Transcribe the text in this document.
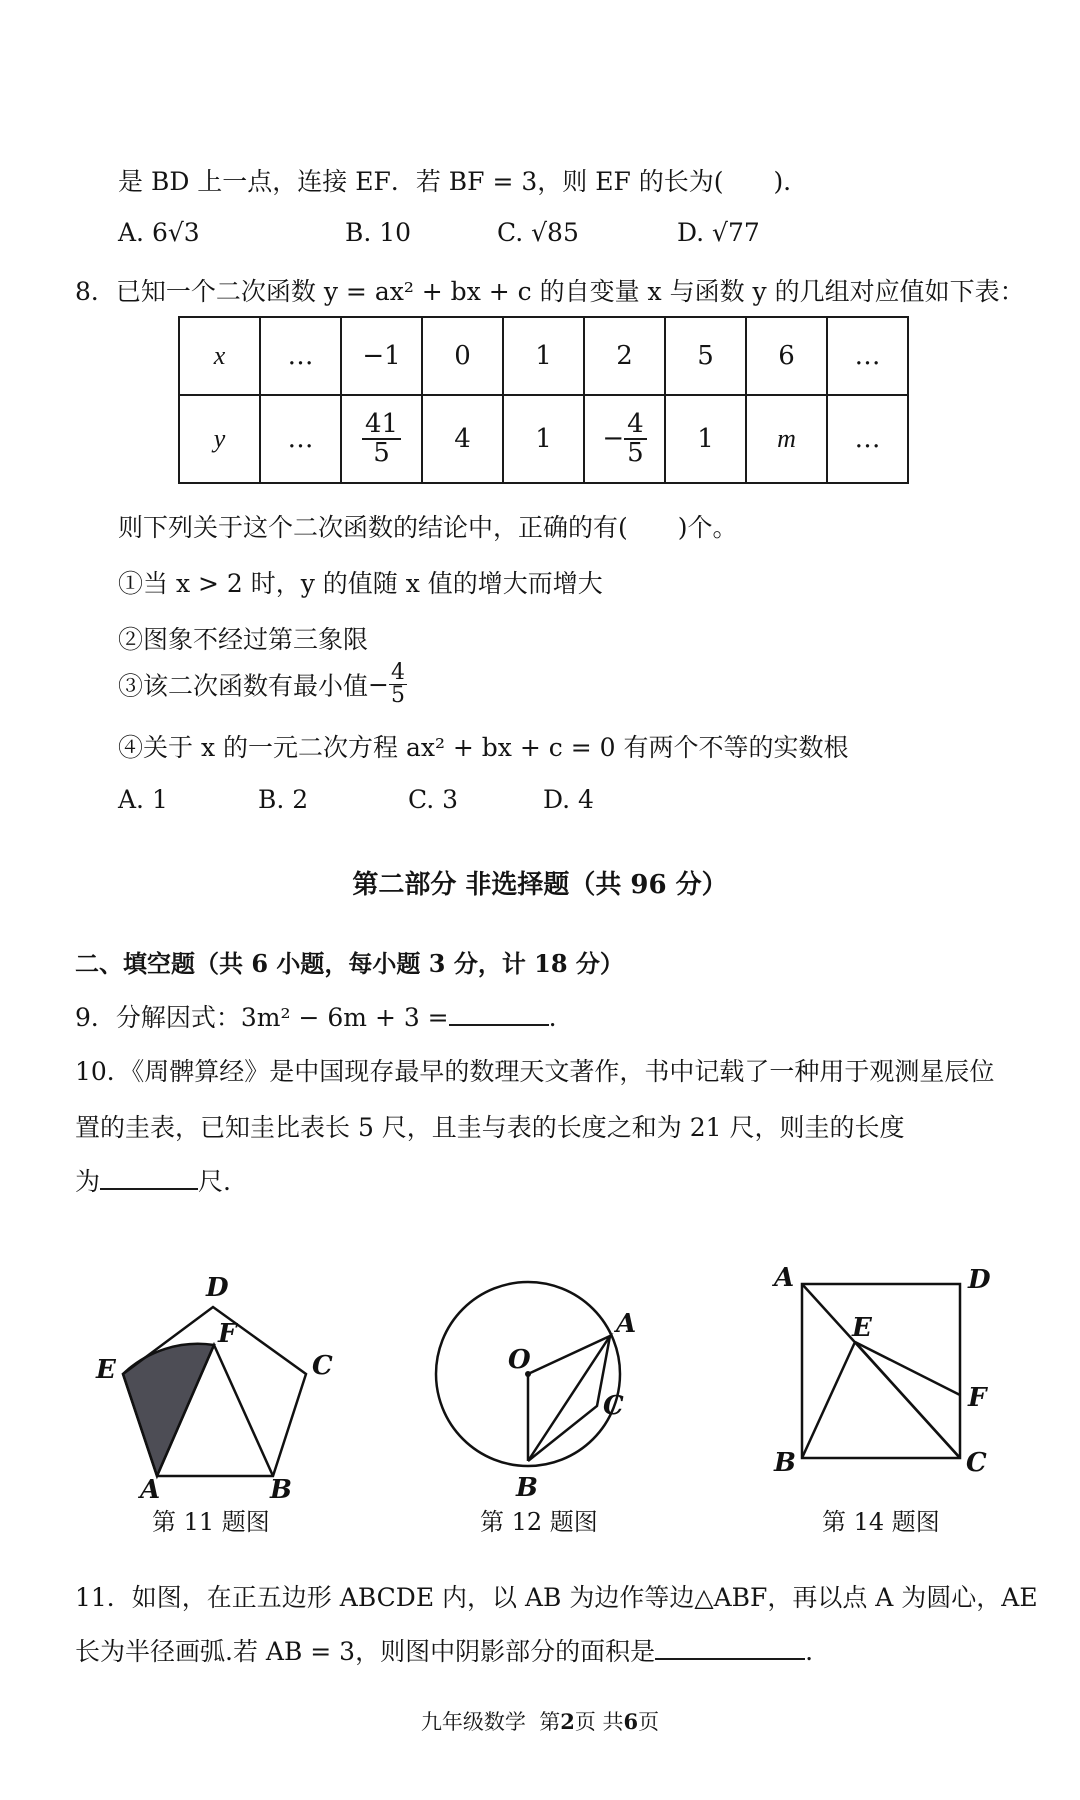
是 BD 上一点，连接 EF．若 BF = 3，则 EF 的长为(　　)．
A. 6√3	B. 10	C. √85	D. √77
8．已知一个二次函数 y = ax² + bx + c 的自变量 x 与函数 y 的几组对应值如下表：
x	…	−1	0	1	2	5	6	…
y	…	$\frac{41}{5}$	4	1	− $\frac{4}{5}$	1	m	…
则下列关于这个二次函数的结论中，正确的有(　　)个。
①当 x > 2 时，y 的值随 x 值的增大而增大
②图象不经过第三象限
③该二次函数有最小值− $\frac{4}{5}$
④关于 x 的一元二次方程 ax² + bx + c = 0 有两个不等的实数根
A. 1	B. 2	C. 3	D. 4
第二部分 非选择题（共 96 分）
二、填空题（共 6 小题，每小题 3 分，计 18 分）
9．分解因式：3m² − 6m + 3 =	.
10．《周髀算经》是中国现存最早的数理天文著作，书中记载了一种用于观测星辰位
置的圭表，已知圭比表长 5 尺，且圭与表的长度之和为 21 尺，则圭的长度
为	尺.
D
E
F
C
A	B
第 11 题图
O
A
C
B
第 12 题图
A	D
E
F
B	C
第 14 题图
11．如图，在正五边形 ABCDE 内，以 AB 为边作等边△ABF，再以点 A 为圆心，AE
长为半径画弧.若 AB = 3，则图中阴影部分的面积是	.
九年级数学 第2页 共6页
